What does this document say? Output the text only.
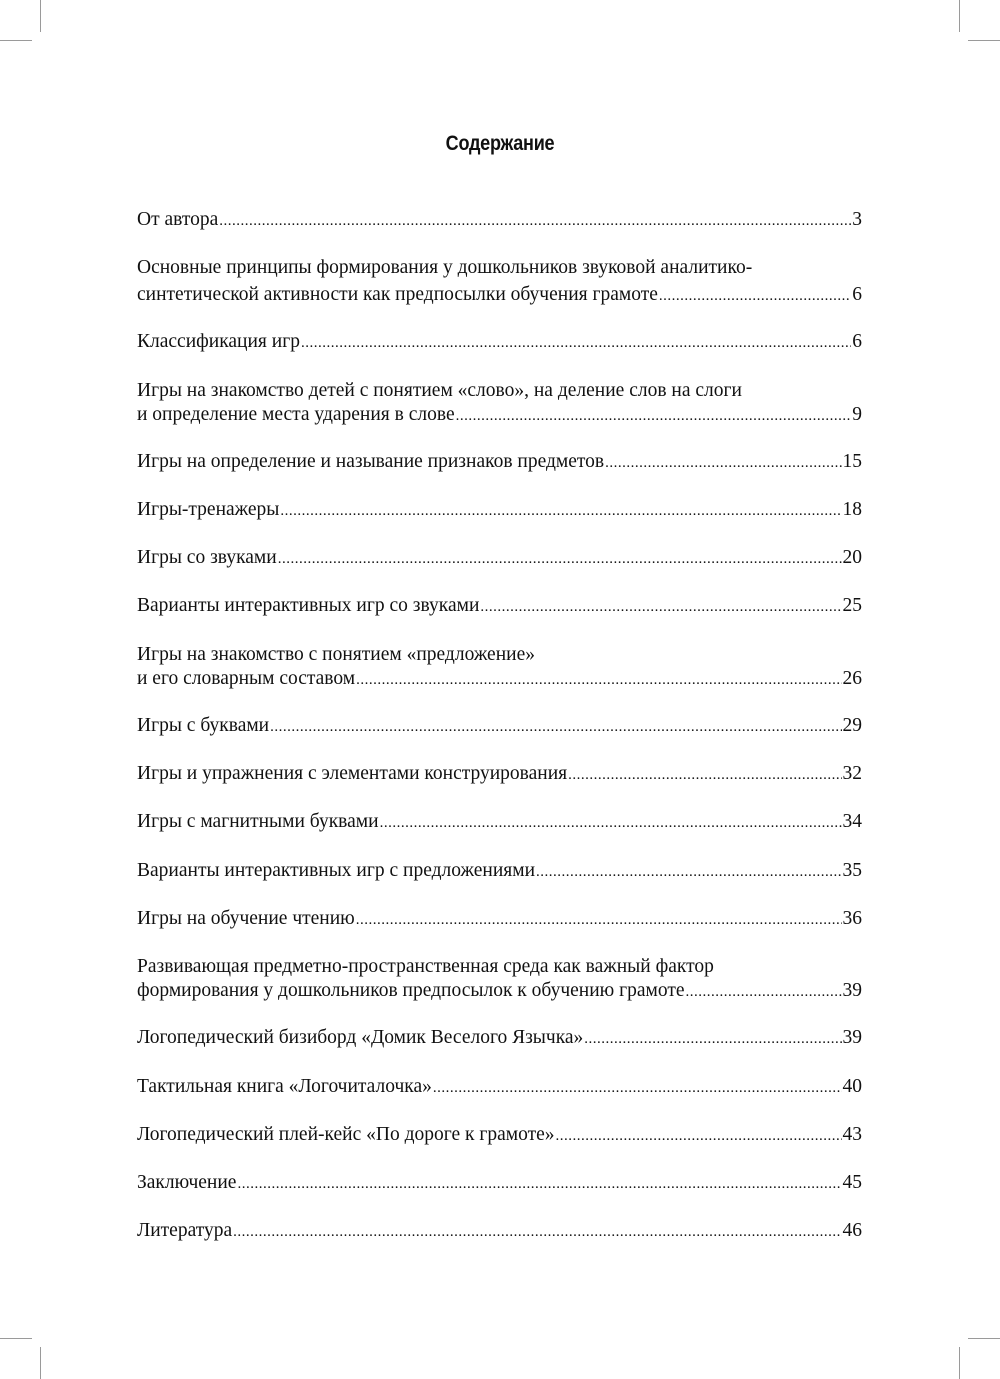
Содержание
От автора .....	3
Основные принципы формирования у дошкольников звуковой аналитико-
синтетической активности как предпосылки обучения грамоте .....	6
Классификация игр .....	6
Игры на знакомство детей с понятием «слово», на деление слов на слоги
и определение места ударения в слове .....	9
Игры на определение и называние признаков предметов .....	15
Игры-тренажеры .....	18
Игры со звуками .....	20
Варианты интерактивных игр со звуками .....	25
Игры на знакомство с понятием «предложение»
и его словарным составом .....	26
Игры с буквами .....	29
Игры и упражнения с элементами конструирования .....	32
Игры с магнитными буквами .....	34
Варианты интерактивных игр с предложениями .....	35
Игры на обучение чтению .....	36
Развивающая предметно-пространственная среда как важный фактор
формирования у дошкольников предпосылок к обучению грамоте .....	39
Логопедический бизиборд «Домик Веселого Язычка» .....	39
Тактильная книга «Логочиталочка» .....	40
Логопедический плей-кейс «По дороге к грамоте» .....	43
Заключение .....	45
Литература .....	46
